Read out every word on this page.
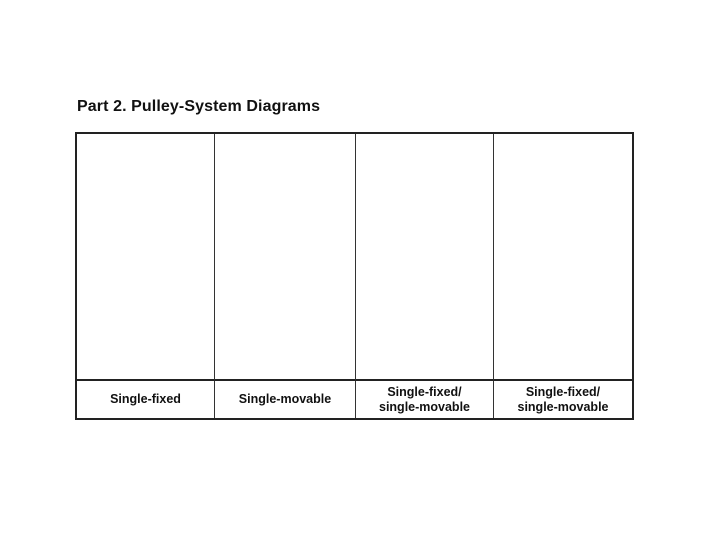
Part 2. Pulley-System Diagrams
Single-fixed	Single-movable
Single-fixed/
single-movable
Single-fixed/
single-movable
